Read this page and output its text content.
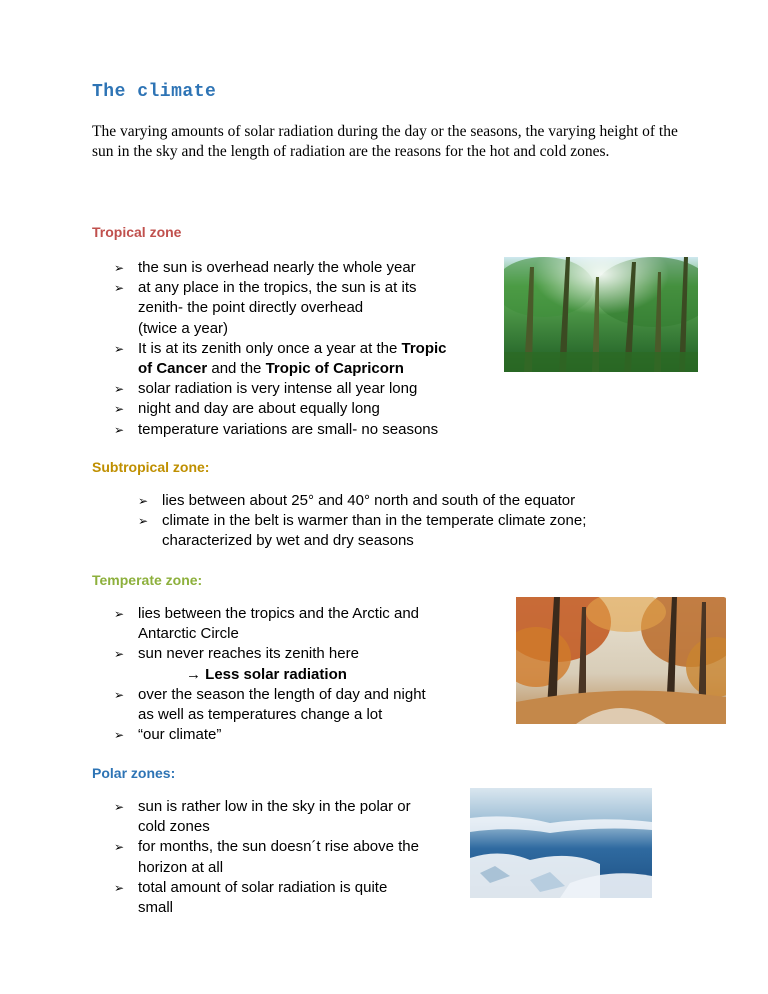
The climate
The varying amounts of solar radiation during the day or the seasons, the varying height of the sun in the sky and the length of radiation are the reasons for the hot and cold zones.
Tropical zone
➢ the sun is overhead nearly the whole year
➢ at any place in the tropics, the sun is at its
zenith- the point directly overhead
(twice a year)
➢ It is at its zenith only once a year at the Tropic
of Cancer and the Tropic of Capricorn
➢ solar radiation is very intense all year long
➢ night and day are about equally long
➢ temperature variations are small- no seasons
Subtropical zone:
➢ lies between about 25° and 40° north and south of the equator
➢ climate in the belt is warmer than in the temperate climate zone;
characterized by wet and dry seasons
Temperate zone:
➢ lies between the tropics and the Arctic and
Antarctic Circle
➢ sun never reaches its zenith here
→ Less solar radiation
➢ over the season the length of day and night
as well as temperatures change a lot
➢ “our climate”
Polar zones:
➢ sun is rather low in the sky in the polar or
cold zones
➢ for months, the sun doesn´t rise above the
horizon at all
➢ total amount of solar radiation is quite
small
